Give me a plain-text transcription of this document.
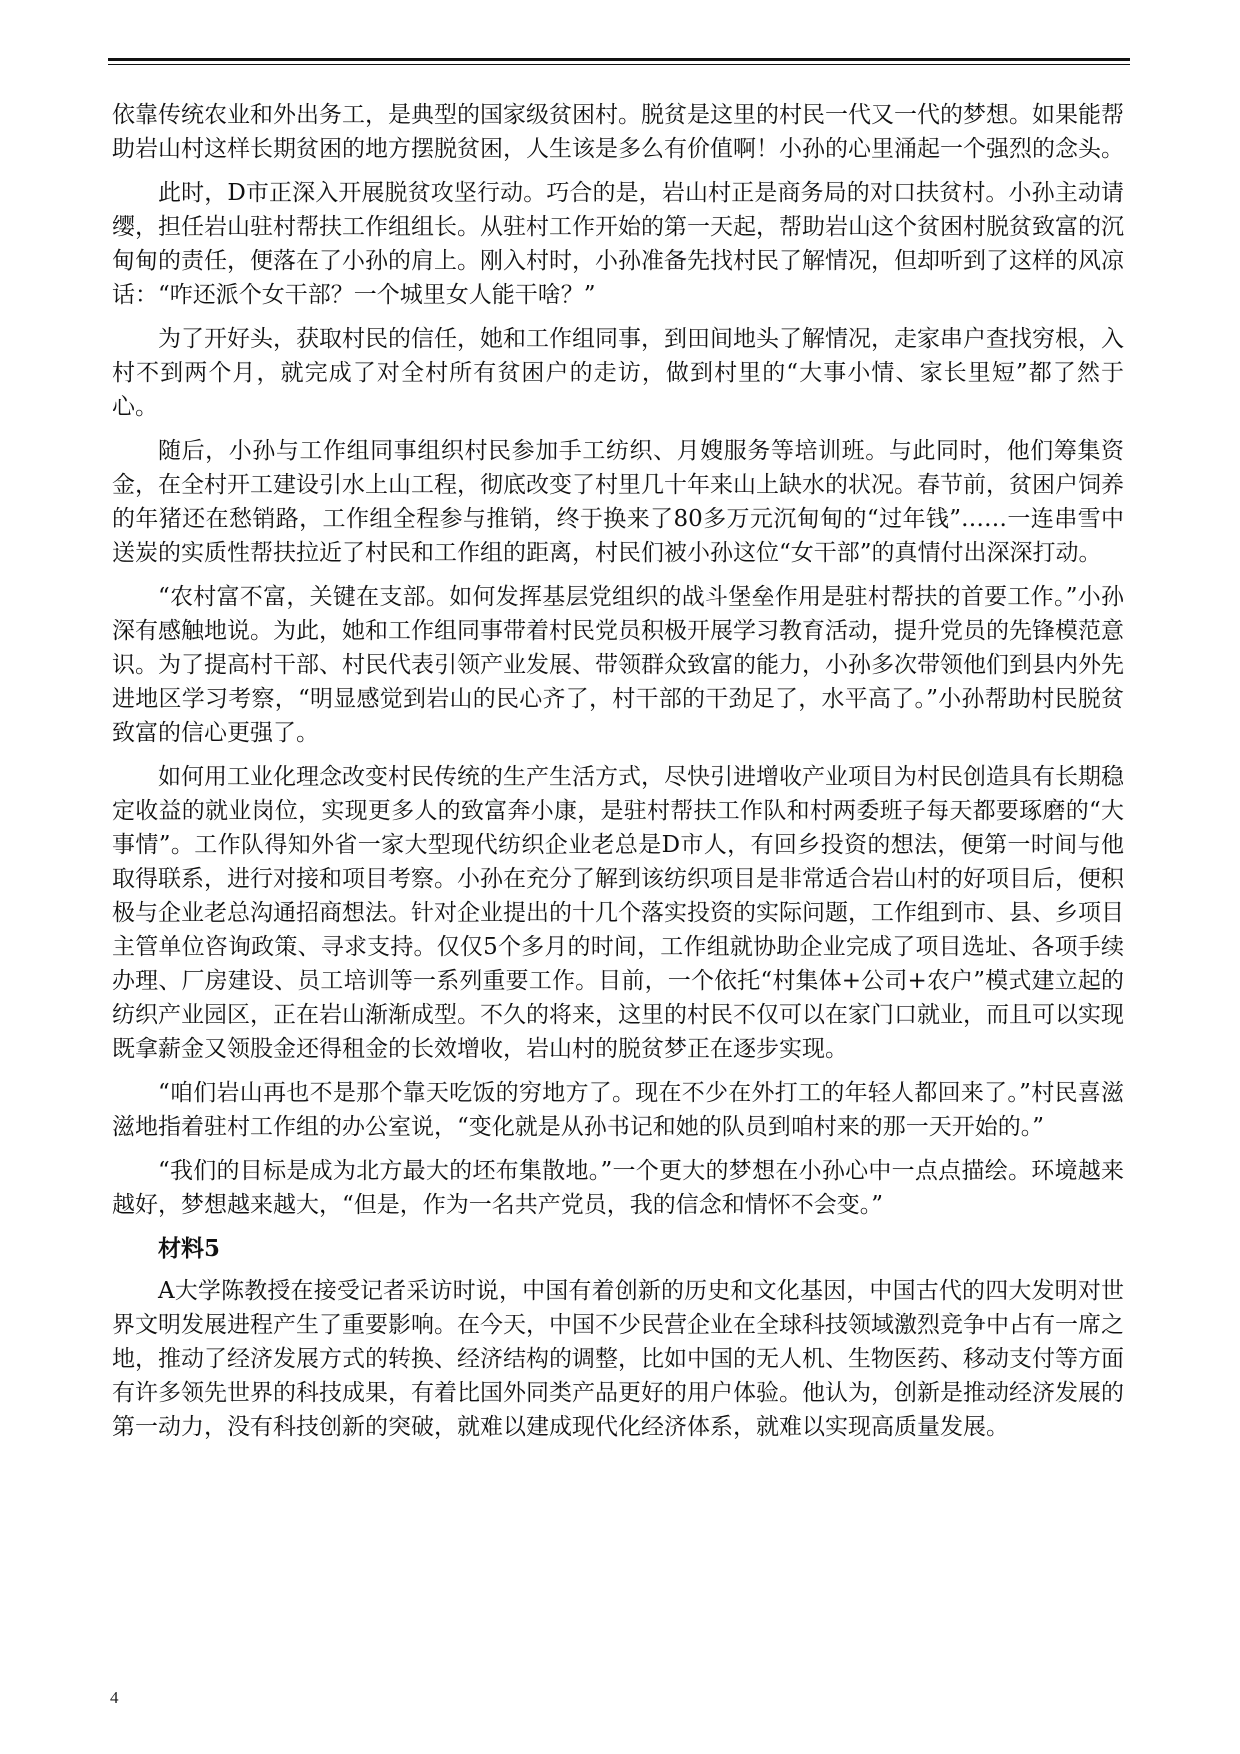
依靠传统农业和外出务工，是典型的国家级贫困村。脱贫是这里的村民一代又一代的梦想。如果能帮助岩山村这样长期贫困的地方摆脱贫困，人生该是多么有价值啊！小孙的心里涌起一个强烈的念头。

此时，D市正深入开展脱贫攻坚行动。巧合的是，岩山村正是商务局的对口扶贫村。小孙主动请缨，担任岩山驻村帮扶工作组组长。从驻村工作开始的第一天起，帮助岩山这个贫困村脱贫致富的沉甸甸的责任，便落在了小孙的肩上。刚入村时，小孙准备先找村民了解情况，但却听到了这样的风凉话：“咋还派个女干部？一个城里女人能干啥？”

为了开好头，获取村民的信任，她和工作组同事，到田间地头了解情况，走家串户查找穷根，入村不到两个月，就完成了对全村所有贫困户的走访，做到村里的“大事小情、家长里短”都了然于心。

随后，小孙与工作组同事组织村民参加手工纺织、月嫂服务等培训班。与此同时，他们筹集资金，在全村开工建设引水上山工程，彻底改变了村里几十年来山上缺水的状况。春节前，贫困户饲养的年猪还在愁销路，工作组全程参与推销，终于换来了80多万元沉甸甸的“过年钱”……一连串雪中送炭的实质性帮扶拉近了村民和工作组的距离，村民们被小孙这位“女干部”的真情付出深深打动。

“农村富不富，关键在支部。如何发挥基层党组织的战斗堡垒作用是驻村帮扶的首要工作。”小孙深有感触地说。为此，她和工作组同事带着村民党员积极开展学习教育活动，提升党员的先锋模范意识。为了提高村干部、村民代表引领产业发展、带领群众致富的能力，小孙多次带领他们到县内外先进地区学习考察，“明显感觉到岩山的民心齐了，村干部的干劲足了，水平高了。”小孙帮助村民脱贫致富的信心更强了。

如何用工业化理念改变村民传统的生产生活方式，尽快引进增收产业项目为村民创造具有长期稳定收益的就业岗位，实现更多人的致富奔小康，是驻村帮扶工作队和村两委班子每天都要琢磨的“大事情”。工作队得知外省一家大型现代纺织企业老总是D市人，有回乡投资的想法，便第一时间与他取得联系，进行对接和项目考察。小孙在充分了解到该纺织项目是非常适合岩山村的好项目后，便积极与企业老总沟通招商想法。针对企业提出的十几个落实投资的实际问题，工作组到市、县、乡项目主管单位咨询政策、寻求支持。仅仅5个多月的时间，工作组就协助企业完成了项目选址、各项手续办理、厂房建设、员工培训等一系列重要工作。目前，一个依托“村集体+公司+农户”模式建立起的纺织产业园区，正在岩山渐渐成型。不久的将来，这里的村民不仅可以在家门口就业，而且可以实现既拿薪金又领股金还得租金的长效增收，岩山村的脱贫梦正在逐步实现。

“咱们岩山再也不是那个靠天吃饭的穷地方了。现在不少在外打工的年轻人都回来了。”村民喜滋滋地指着驻村工作组的办公室说，“变化就是从孙书记和她的队员到咱村来的那一天开始的。”

“我们的目标是成为北方最大的坯布集散地。”一个更大的梦想在小孙心中一点点描绘。环境越来越好，梦想越来越大，“但是，作为一名共产党员，我的信念和情怀不会变。”

材料5

A大学陈教授在接受记者采访时说，中国有着创新的历史和文化基因，中国古代的四大发明对世界文明发展进程产生了重要影响。在今天，中国不少民营企业在全球科技领域激烈竞争中占有一席之地，推动了经济发展方式的转换、经济结构的调整，比如中国的无人机、生物医药、移动支付等方面有许多领先世界的科技成果，有着比国外同类产品更好的用户体验。他认为，创新是推动经济发展的第一动力，没有科技创新的突破，就难以建成现代化经济体系，就难以实现高质量发展。

4
